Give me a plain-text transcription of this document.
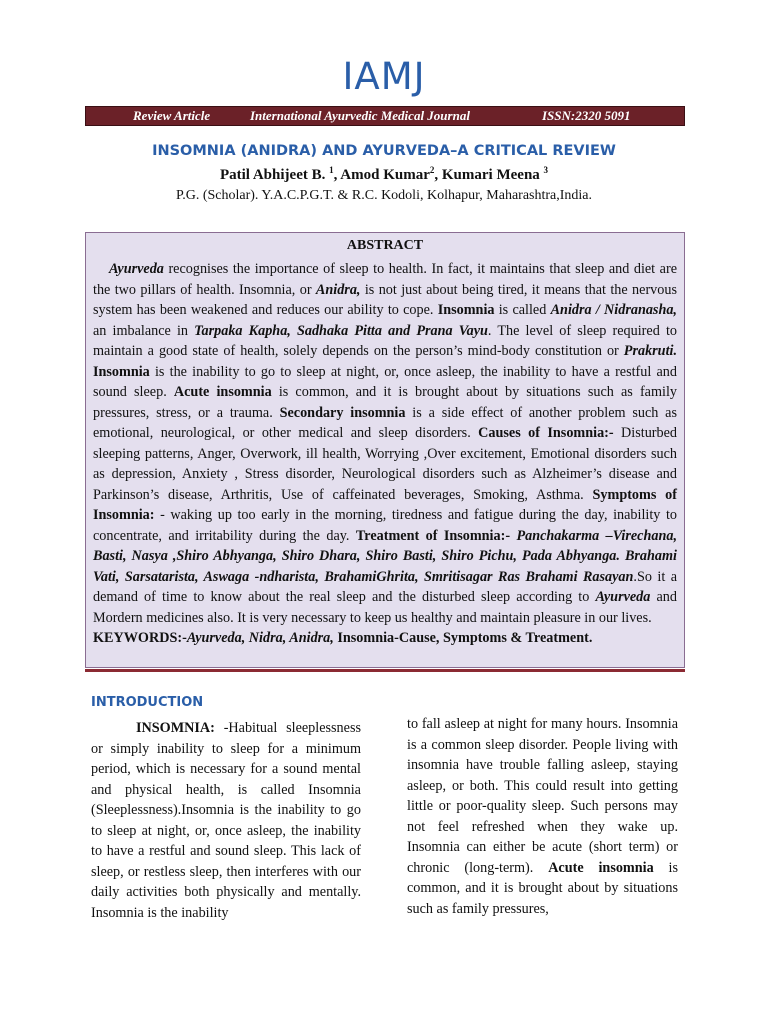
IAMJ
Review Article	International Ayurvedic Medical Journal	ISSN:2320 5091
INSOMNIA (ANIDRA) AND AYURVEDA–A CRITICAL REVIEW
Patil Abhijeet B. $^1$, Amod Kumar$^2$, Kumari Meena $^3$
P.G. (Scholar). Y.A.C.P.G.T. & R.C. Kodoli, Kolhapur, Maharashtra,India.
ABSTRACT

Ayurveda recognises the importance of sleep to health. In fact, it maintains that sleep and diet are the two pillars of health. Insomnia, or Anidra, is not just about being tired, it means that the nervous system has been weakened and reduces our ability to cope. Insomnia is called Anidra / Nidranasha, an imbalance in Tarpaka Kapha, Sadhaka Pitta and Prana Vayu. The level of sleep required to maintain a good state of health, solely depends on the person’s mind-body constitution or Prakruti. Insomnia is the inability to go to sleep at night, or, once asleep, the inability to have a restful and sound sleep. Acute insomnia is common, and it is brought about by situations such as family pressures, stress, or a trauma. Secondary insomnia is a side effect of another problem such as emotional, neurological, or other medical and sleep disorders. Causes of Insomnia:- Disturbed sleeping patterns, Anger, Overwork, ill health, Worrying ,Over excitement, Emotional disorders such as depression, Anxiety , Stress disorder, Neurological disorders such as Alzheimer’s disease and Parkinson’s disease, Arthritis, Use of caffeinated beverages, Smoking, Asthma. Symptoms of Insomnia: - waking up too early in the morning, tiredness and fatigue during the day, inability to concentrate, and irritability during the day. Treatment of Insomnia:- Panchakarma –Virechana, Basti, Nasya ,Shiro Abhyanga, Shiro Dhara, Shiro Basti, Shiro Pichu, Pada Abhyanga. Brahami Vati, Sarsatarista, Aswaga -ndharista, BrahamiGhrita, Smritisagar Ras Brahami Rasayan.So it a demand of time to know about the real sleep and the disturbed sleep according to Ayurveda and Mordern medicines also. It is very necessary to keep us healthy and maintain pleasure in our lives.

KEYWORDS:-Ayurveda, Nidra, Anidra, Insomnia-Cause, Symptoms & Treatment.
INTRODUCTION

INSOMNIA: -Habitual sleeplessness or simply inability to sleep for a minimum period, which is necessary for a sound mental and physical health, is called Insomnia (Sleeplessness).Insomnia is the inability to go to sleep at night, or, once asleep, the inability to have a restful and sound sleep. This lack of sleep, or restless sleep, then interferes with our daily activities both physically and mentally. Insomnia is the inability

to fall asleep at night for many hours. Insomnia is a common sleep disorder. People living with insomnia have trouble falling asleep, staying asleep, or both. This could result into getting little or poor-quality sleep. Such persons may not feel refreshed when they wake up. Insomnia can either be acute (short term) or chronic (long-term). Acute insomnia is common, and it is brought about by situations such as family pressures,
